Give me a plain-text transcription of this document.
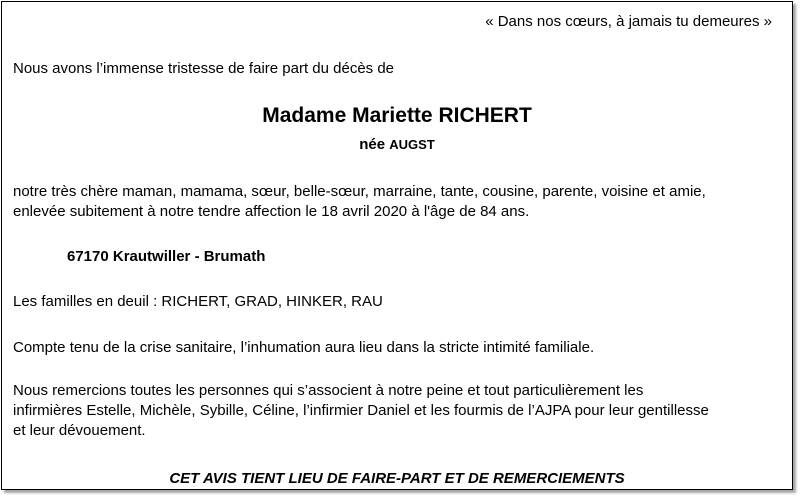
« Dans nos cœurs, à jamais tu demeures »
Nous avons l’immense tristesse de faire part du décès de
Madame Mariette RICHERT
née AUGST
notre très chère maman, mamama, sœur, belle-sœur, marraine, tante, cousine, parente, voisine et amie,
enlevée subitement à notre tendre affection le 18 avril 2020 à l'âge de 84 ans.
67170 Krautwiller - Brumath
Les familles en deuil : RICHERT, GRAD, HINKER, RAU
Compte tenu de la crise sanitaire, l’inhumation aura lieu dans la stricte intimité familiale.
Nous remercions toutes les personnes qui s’associent à notre peine et tout particulièrement les
infirmières Estelle, Michèle, Sybille, Céline, l’infirmier Daniel et les fourmis de l’AJPA pour leur gentillesse
et leur dévouement.
CET AVIS TIENT LIEU DE FAIRE-PART ET DE REMERCIEMENTS
